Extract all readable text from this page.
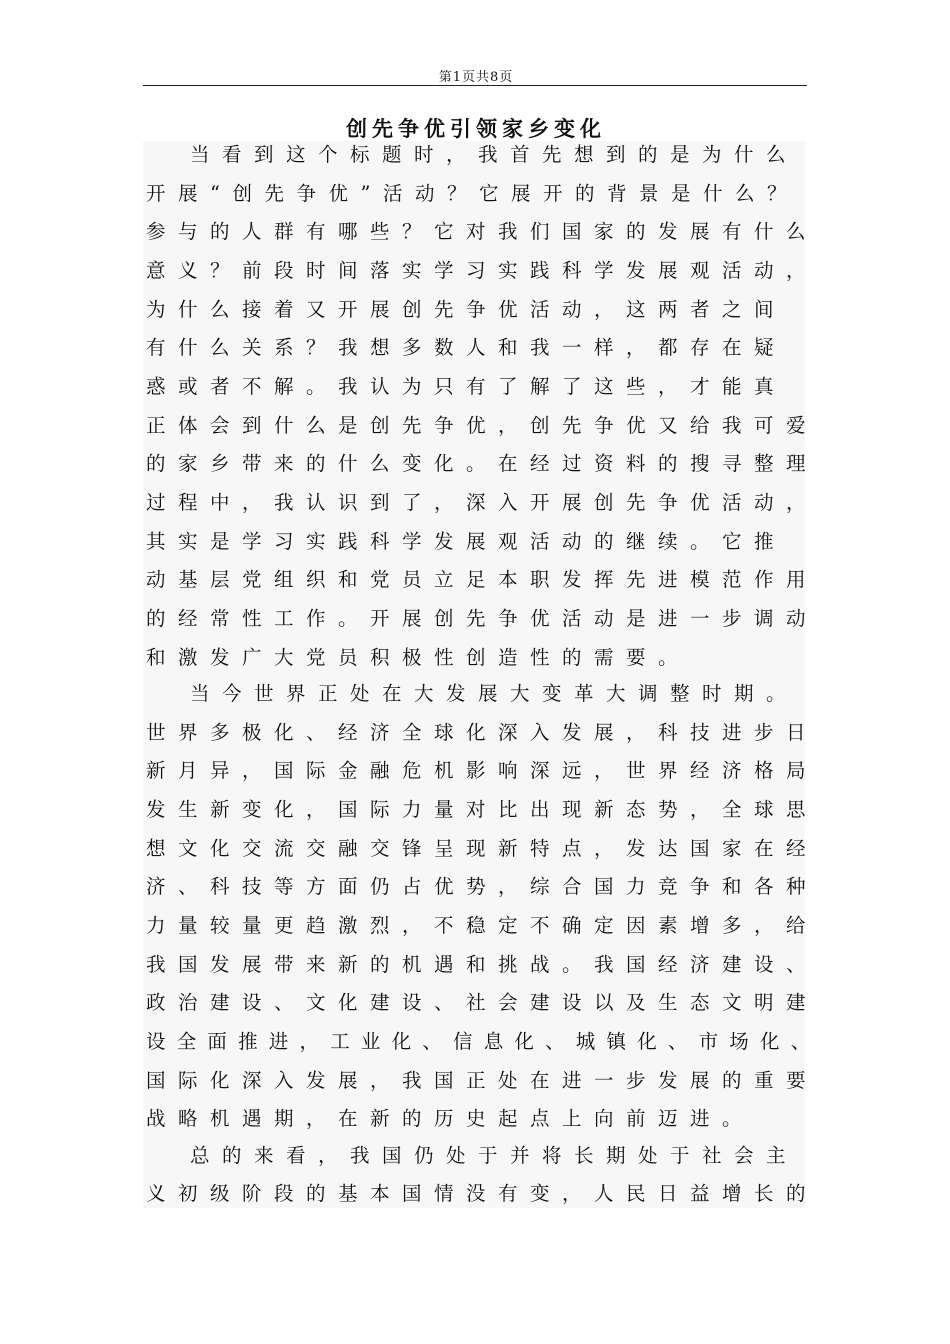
第1页共8页
创先争优引领家乡变化
当看到这个标题时，我首先想到的是为什么
开展“创先争优”活动？它展开的背景是什么？
参与的人群有哪些？它对我们国家的发展有什么
意义？前段时间落实学习实践科学发展观活动，
为什么接着又开展创先争优活动，这两者之间
有什么关系？我想多数人和我一样，都存在疑
惑或者不解。我认为只有了解了这些，才能真
正体会到什么是创先争优，创先争优又给我可爱
的家乡带来的什么变化。在经过资料的搜寻整理
过程中，我认识到了，深入开展创先争优活动，
其实是学习实践科学发展观活动的继续。它推
动基层党组织和党员立足本职发挥先进模范作用
的经常性工作。开展创先争优活动是进一步调动
和激发广大党员积极性创造性的需要。
当今世界正处在大发展大变革大调整时期。
世界多极化、经济全球化深入发展，科技进步日
新月异，国际金融危机影响深远，世界经济格局
发生新变化，国际力量对比出现新态势，全球思
想文化交流交融交锋呈现新特点，发达国家在经
济、科技等方面仍占优势，综合国力竞争和各种
力量较量更趋激烈，不稳定不确定因素增多，给
我国发展带来新的机遇和挑战。我国经济建设、
政治建设、文化建设、社会建设以及生态文明建
设全面推进，工业化、信息化、城镇化、市场化、
国际化深入发展，我国正处在进一步发展的重要
战略机遇期，在新的历史起点上向前迈进。
总的来看，我国仍处于并将长期处于社会主
义初级阶段的基本国情没有变，人民日益增长的
